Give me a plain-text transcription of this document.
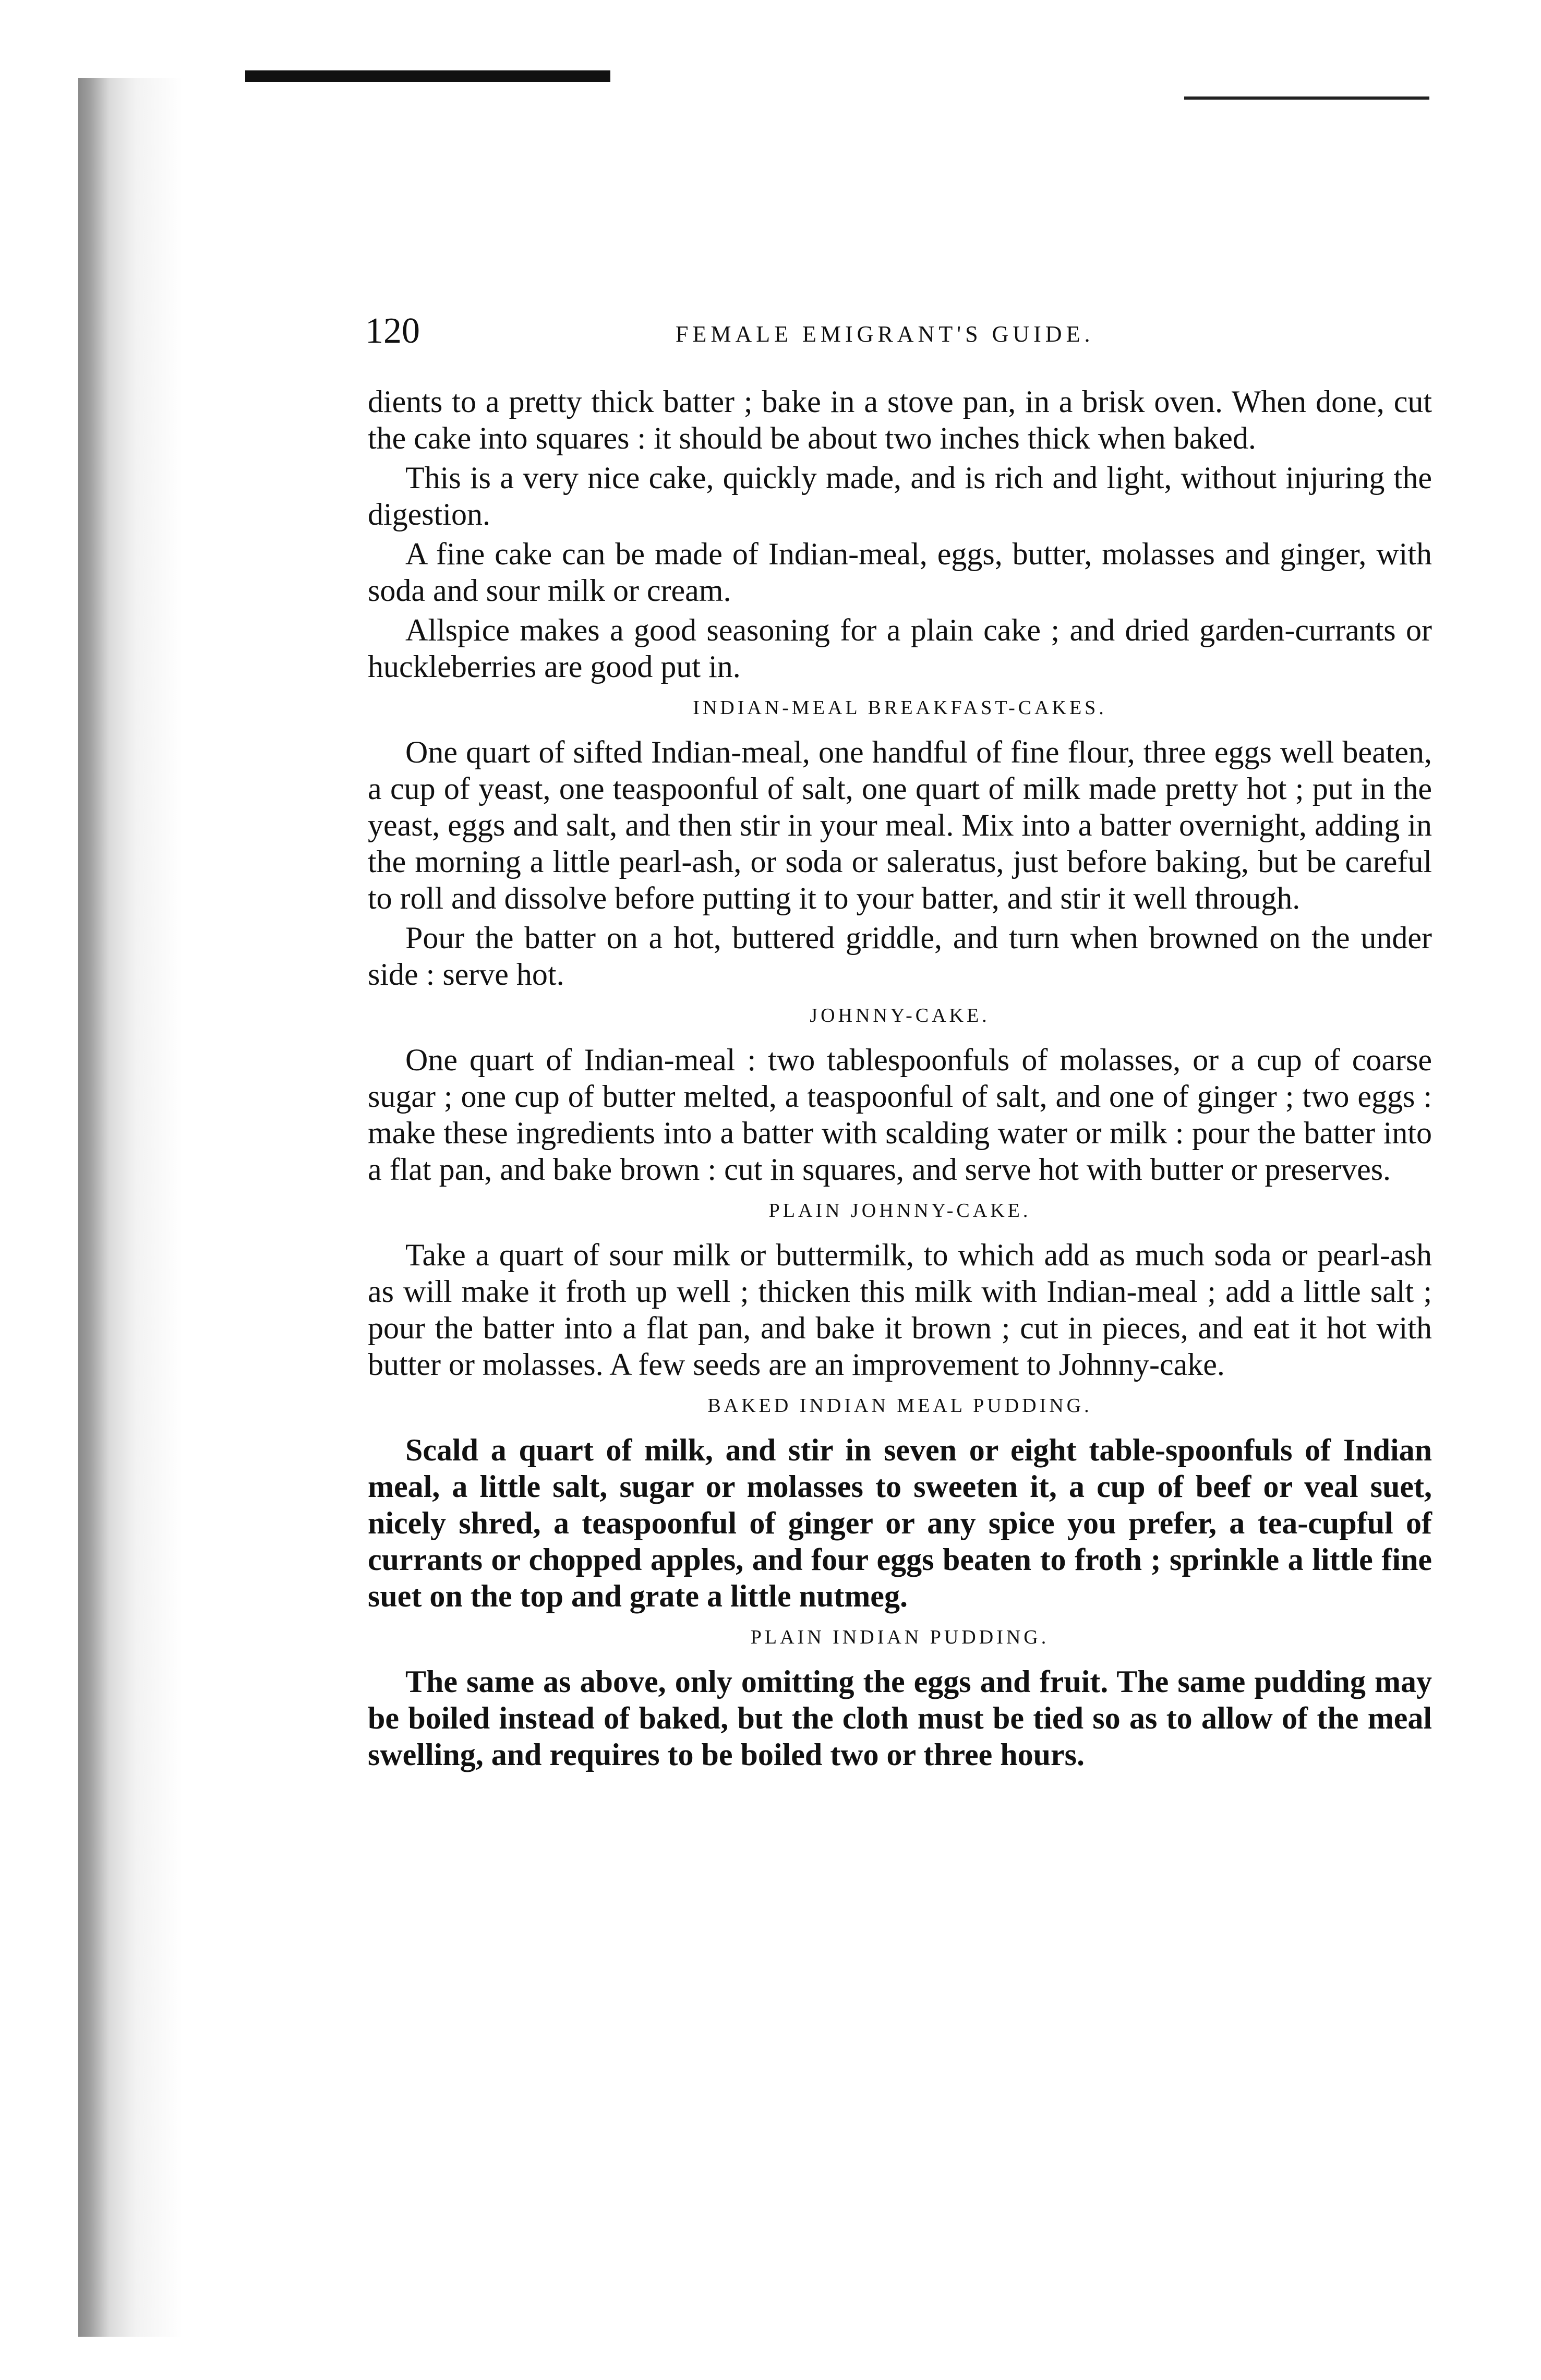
120	FEMALE EMIGRANT'S GUIDE.

dients to a pretty thick batter ; bake in a stove pan, in a brisk oven. When done, cut the cake into squares : it should be about two inches thick when baked.

This is a very nice cake, quickly made, and is rich and light, without injuring the digestion.

A fine cake can be made of Indian-meal, eggs, butter, molasses and ginger, with soda and sour milk or cream.

Allspice makes a good seasoning for a plain cake ; and dried garden-currants or huckleberries are good put in.

INDIAN-MEAL BREAKFAST-CAKES.

One quart of sifted Indian-meal, one handful of fine flour, three eggs well beaten, a cup of yeast, one teaspoonful of salt, one quart of milk made pretty hot ; put in the yeast, eggs and salt, and then stir in your meal. Mix into a batter overnight, adding in the morning a little pearl-ash, or soda or saleratus, just before baking, but be careful to roll and dissolve before putting it to your batter, and stir it well through.

Pour the batter on a hot, buttered griddle, and turn when browned on the under side : serve hot.

JOHNNY-CAKE.

One quart of Indian-meal : two tablespoonfuls of molasses, or a cup of coarse sugar ; one cup of butter melted, a teaspoonful of salt, and one of ginger ; two eggs : make these ingredients into a batter with scalding water or milk : pour the batter into a flat pan, and bake brown : cut in squares, and serve hot with butter or preserves.

PLAIN JOHNNY-CAKE.

Take a quart of sour milk or buttermilk, to which add as much soda or pearl-ash as will make it froth up well ; thicken this milk with Indian-meal ; add a little salt ; pour the batter into a flat pan, and bake it brown ; cut in pieces, and eat it hot with butter or molasses. A few seeds are an improvement to Johnny-cake.

BAKED INDIAN MEAL PUDDING.

Scald a quart of milk, and stir in seven or eight table-spoonfuls of Indian meal, a little salt, sugar or molasses to sweeten it, a cup of beef or veal suet, nicely shred, a teaspoonful of ginger or any spice you prefer, a tea-cupful of currants or chopped apples, and four eggs beaten to froth ; sprinkle a little fine suet on the top and grate a little nutmeg.

PLAIN INDIAN PUDDING.

The same as above, only omitting the eggs and fruit. The same pudding may be boiled instead of baked, but the cloth must be tied so as to allow of the meal swelling, and requires to be boiled two or three hours.
